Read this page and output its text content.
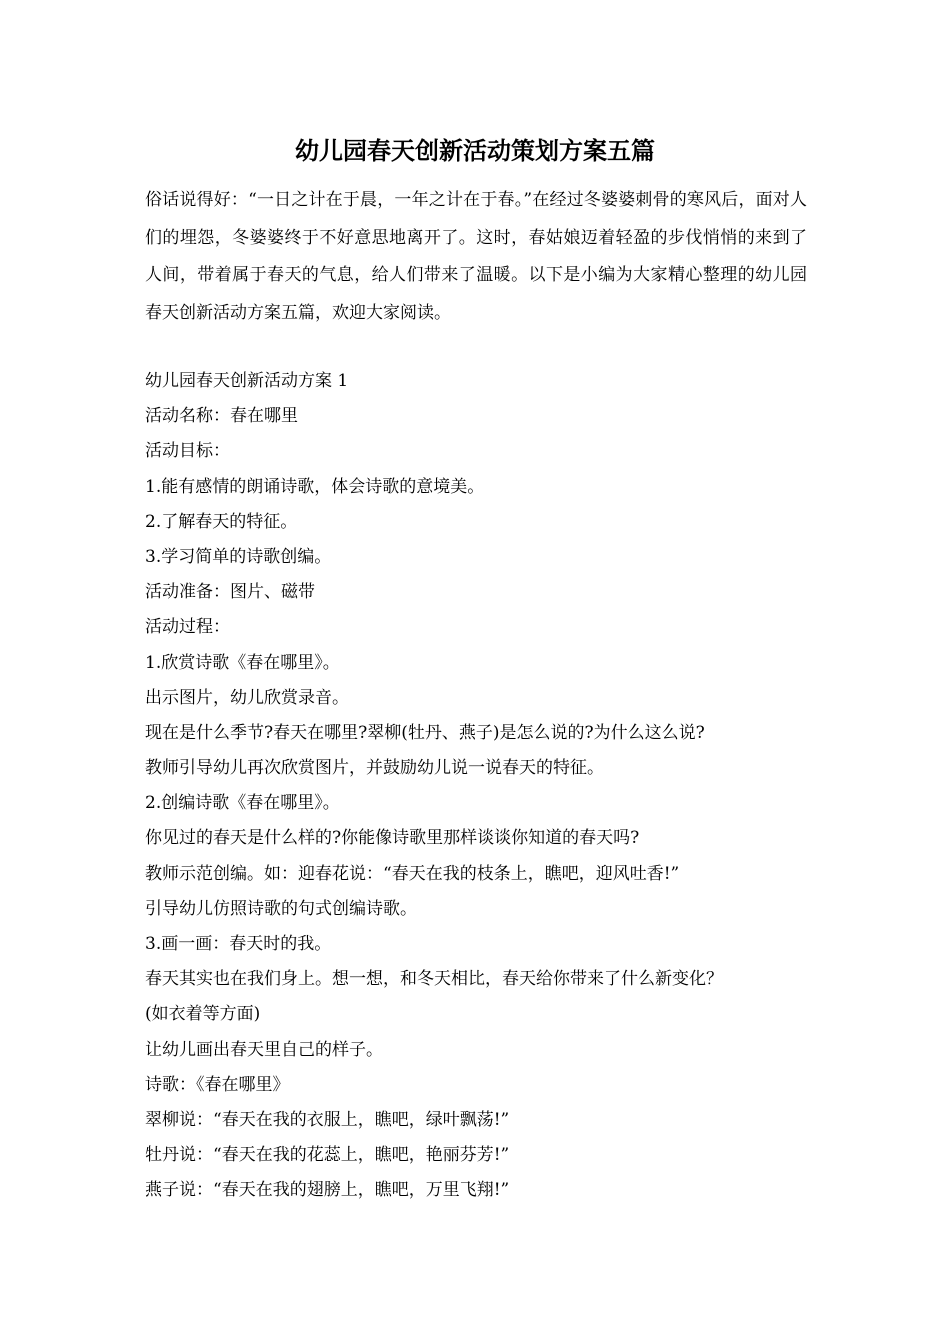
幼儿园春天创新活动策划方案五篇

俗话说得好：“一日之计在于晨，一年之计在于春。”在经过冬婆婆刺骨的寒风后，面对人们的埋怨，冬婆婆终于不好意思地离开了。这时，春姑娘迈着轻盈的步伐悄悄的来到了人间，带着属于春天的气息，给人们带来了温暖。以下是小编为大家精心整理的幼儿园春天创新活动方案五篇，欢迎大家阅读。

幼儿园春天创新活动方案 1
活动名称：春在哪里
活动目标：
1.能有感情的朗诵诗歌，体会诗歌的意境美。
2.了解春天的特征。
3.学习简单的诗歌创编。
活动准备：图片、磁带
活动过程：
1.欣赏诗歌《春在哪里》。
出示图片，幼儿欣赏录音。
现在是什么季节?春天在哪里?翠柳(牡丹、燕子)是怎么说的?为什么这么说?
教师引导幼儿再次欣赏图片，并鼓励幼儿说一说春天的特征。
2.创编诗歌《春在哪里》。
你见过的春天是什么样的?你能像诗歌里那样谈谈你知道的春天吗?
教师示范创编。如：迎春花说：“春天在我的枝条上，瞧吧，迎风吐香!”
引导幼儿仿照诗歌的句式创编诗歌。
3.画一画：春天时的我。
春天其实也在我们身上。想一想，和冬天相比，春天给你带来了什么新变化？
(如衣着等方面)
让幼儿画出春天里自己的样子。
诗歌：《春在哪里》
翠柳说：“春天在我的衣服上，瞧吧，绿叶飘荡!”
牡丹说：“春天在我的花蕊上，瞧吧，艳丽芬芳!”
燕子说：“春天在我的翅膀上，瞧吧，万里飞翔!”
